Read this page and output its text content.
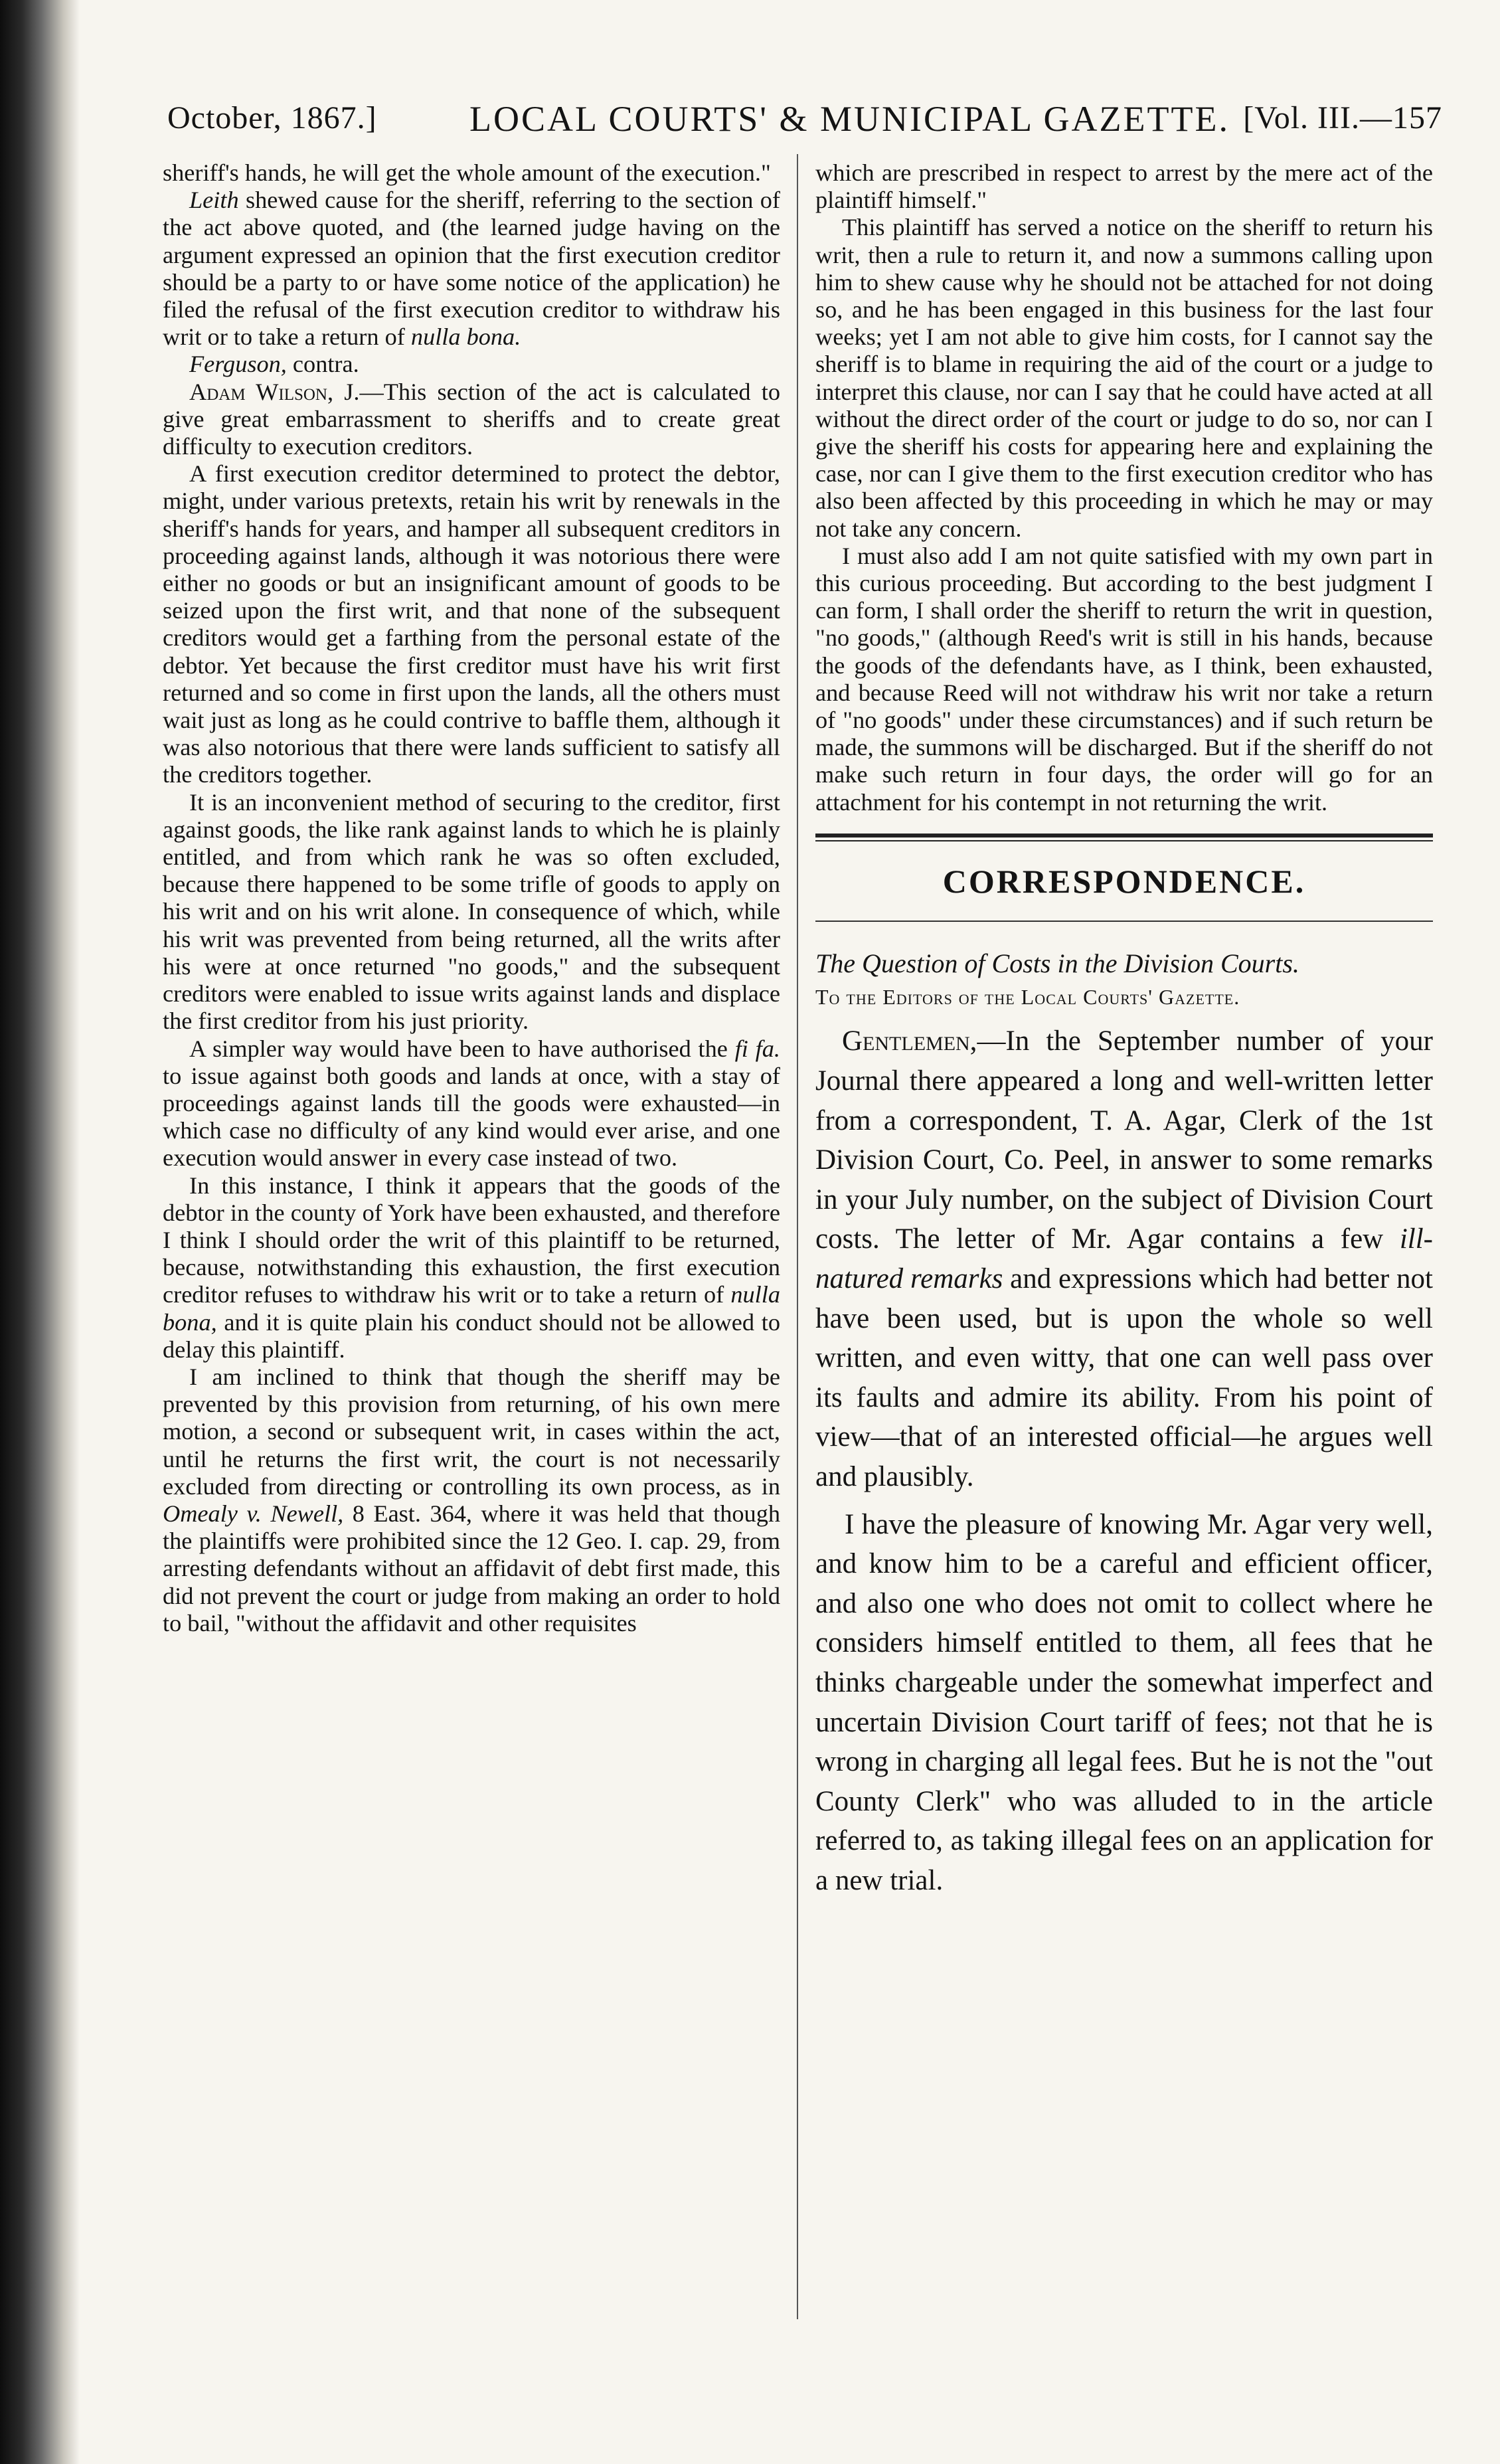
October, 1867.]	LOCAL COURTS' & MUNICIPAL GAZETTE. [Vol. III.—157

sheriff's hands, he will get the whole amount of the execution."

Leith shewed cause for the sheriff, referring to the section of the act above quoted, and (the learned judge having on the argument expressed an opinion that the first execution creditor should be a party to or have some notice of the application) he filed the refusal of the first execution creditor to withdraw his writ or to take a return of nulla bona.

Ferguson, contra.

Adam Wilson, J.—This section of the act is calculated to give great embarrassment to sheriffs and to create great difficulty to execution creditors.

A first execution creditor determined to protect the debtor, might, under various pretexts, retain his writ by renewals in the sheriff's hands for years, and hamper all subsequent creditors in proceeding against lands, although it was notorious there were either no goods or but an insignificant amount of goods to be seized upon the first writ, and that none of the subsequent creditors would get a farthing from the personal estate of the debtor. Yet because the first creditor must have his writ first returned and so come in first upon the lands, all the others must wait just as long as he could contrive to baffle them, although it was also notorious that there were lands sufficient to satisfy all the creditors together.

It is an inconvenient method of securing to the creditor, first against goods, the like rank against lands to which he is plainly entitled, and from which rank he was so often excluded, because there happened to be some trifle of goods to apply on his writ and on his writ alone. In consequence of which, while his writ was prevented from being returned, all the writs after his were at once returned "no goods," and the subsequent creditors were enabled to issue writs against lands and displace the first creditor from his just priority.

A simpler way would have been to have authorised the fi fa. to issue against both goods and lands at once, with a stay of proceedings against lands till the goods were exhausted—in which case no difficulty of any kind would ever arise, and one execution would answer in every case instead of two.

In this instance, I think it appears that the goods of the debtor in the county of York have been exhausted, and therefore I think I should order the writ of this plaintiff to be returned, because, notwithstanding this exhaustion, the first execution creditor refuses to withdraw his writ or to take a return of nulla bona, and it is quite plain his conduct should not be allowed to delay this plaintiff.

I am inclined to think that though the sheriff may be prevented by this provision from returning, of his own mere motion, a second or subsequent writ, in cases within the act, until he returns the first writ, the court is not necessarily excluded from directing or controlling its own process, as in Omealy v. Newell, 8 East. 364, where it was held that though the plaintiffs were prohibited since the 12 Geo. I. cap. 29, from arresting defendants without an affidavit of debt first made, this did not prevent the court or judge from making an order to hold to bail, "without the affidavit and other requisites

which are prescribed in respect to arrest by the mere act of the plaintiff himself."

This plaintiff has served a notice on the sheriff to return his writ, then a rule to return it, and now a summons calling upon him to shew cause why he should not be attached for not doing so, and he has been engaged in this business for the last four weeks; yet I am not able to give him costs, for I cannot say the sheriff is to blame in requiring the aid of the court or a judge to interpret this clause, nor can I say that he could have acted at all without the direct order of the court or judge to do so, nor can I give the sheriff his costs for appearing here and explaining the case, nor can I give them to the first execution creditor who has also been affected by this proceeding in which he may or may not take any concern.

I must also add I am not quite satisfied with my own part in this curious proceeding. But according to the best judgment I can form, I shall order the sheriff to return the writ in question, "no goods," (although Reed's writ is still in his hands, because the goods of the defendants have, as I think, been exhausted, and because Reed will not withdraw his writ nor take a return of "no goods" under these circumstances) and if such return be made, the summons will be discharged. But if the sheriff do not make such return in four days, the order will go for an attachment for his contempt in not returning the writ.

CORRESPONDENCE.
The Question of Costs in the Division Courts.
To the Editors of the Local Courts' Gazette.

Gentlemen,—In the September number of your Journal there appeared a long and well-written letter from a correspondent, T. A. Agar, Clerk of the 1st Division Court, Co. Peel, in answer to some remarks in your July number, on the subject of Division Court costs. The letter of Mr. Agar contains a few ill-natured remarks and expressions which had better not have been used, but is upon the whole so well written, and even witty, that one can well pass over its faults and admire its ability. From his point of view—that of an interested official—he argues well and plausibly.

I have the pleasure of knowing Mr. Agar very well, and know him to be a careful and efficient officer, and also one who does not omit to collect where he considers himself entitled to them, all fees that he thinks chargeable under the somewhat imperfect and uncertain Division Court tariff of fees; not that he is wrong in charging all legal fees. But he is not the "out County Clerk" who was alluded to in the article referred to, as taking illegal fees on an application for a new trial.
